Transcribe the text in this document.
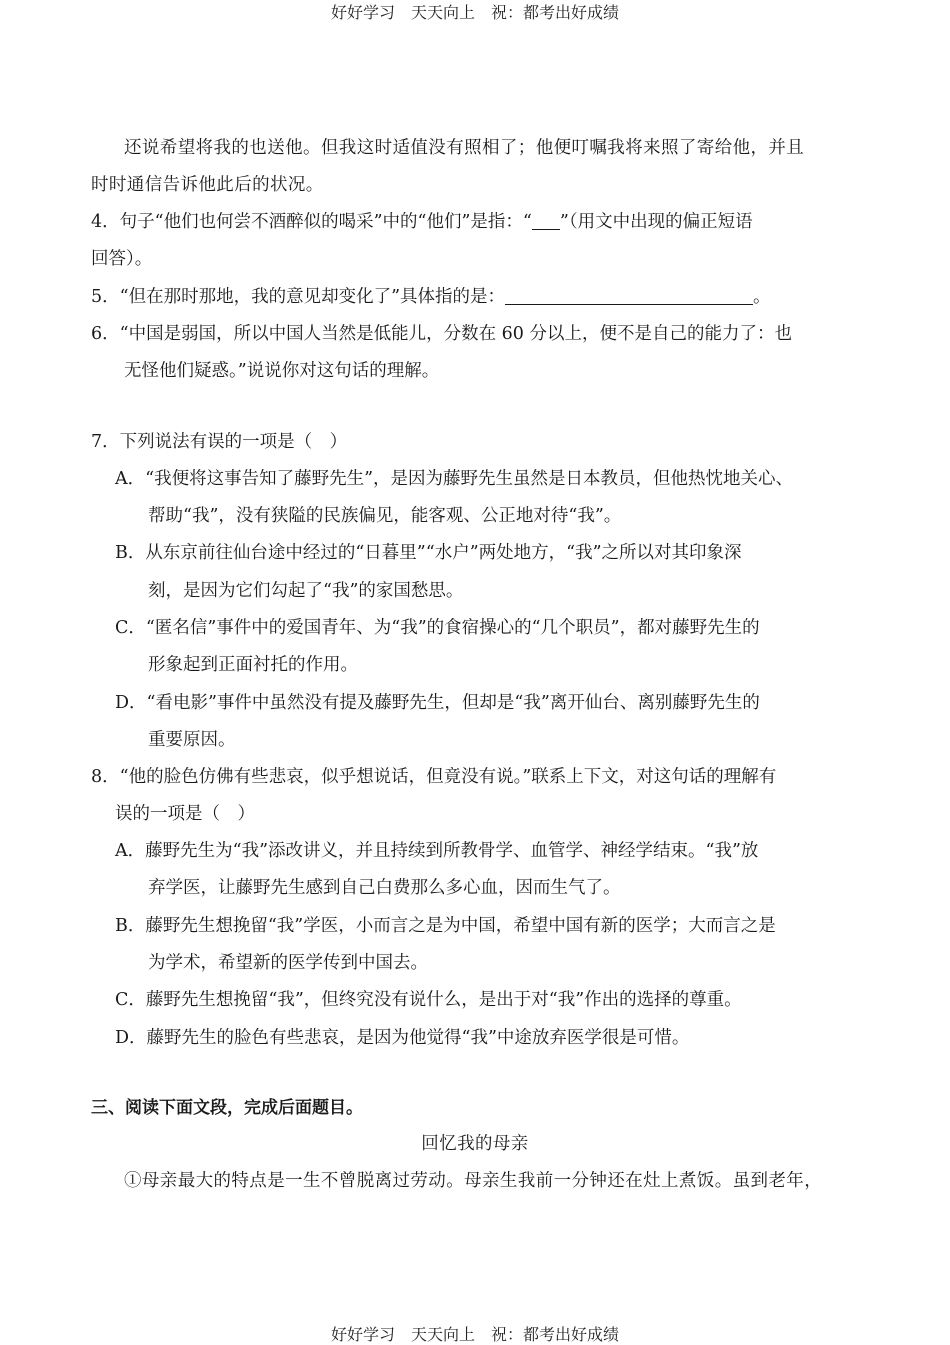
好好学习　天天向上　祝：都考出好成绩
还说希望将我的也送他。但我这时适值没有照相了；他便叮嘱我将来照了寄给他，并且
时时通信告诉他此后的状况。
4．句子“他们也何尝不酒醉似的喝采”中的“他们”是指：“ ”（用文中出现的偏正短语
回答）。
5．“但在那时那地，我的意见却变化了”具体指的是：	。
6．“中国是弱国，所以中国人当然是低能儿，分数在 60 分以上，便不是自己的能力了：也
无怪他们疑惑。”说说你对这句话的理解。
7．下列说法有误的一项是（　）
A．“我便将这事告知了藤野先生”，是因为藤野先生虽然是日本教员，但他热忱地关心、
帮助“我”，没有狭隘的民族偏见，能客观、公正地对待“我”。
B．从东京前往仙台途中经过的“日暮里”“水户”两处地方，“我”之所以对其印象深
刻，是因为它们勾起了“我”的家国愁思。
C．“匿名信”事件中的爱国青年、为“我”的食宿操心的“几个职员”，都对藤野先生的
形象起到正面衬托的作用。
D．“看电影”事件中虽然没有提及藤野先生，但却是“我”离开仙台、离别藤野先生的
重要原因。
8．“他的脸色仿佛有些悲哀，似乎想说话，但竟没有说。”联系上下文，对这句话的理解有
误的一项是（　）
A．藤野先生为“我”添改讲义，并且持续到所教骨学、血管学、神经学结束。“我”放
弃学医，让藤野先生感到自己白费那么多心血，因而生气了。
B．藤野先生想挽留“我”学医，小而言之是为中国，希望中国有新的医学；大而言之是
为学术，希望新的医学传到中国去。
C．藤野先生想挽留“我”，但终究没有说什么，是出于对“我”作出的选择的尊重。
D．藤野先生的脸色有些悲哀，是因为他觉得“我”中途放弃医学很是可惜。
三、阅读下面文段，完成后面题目。
回忆我的母亲
①母亲最大的特点是一生不曾脱离过劳动。母亲生我前一分钟还在灶上煮饭。虽到老年，
好好学习　天天向上　祝：都考出好成绩
